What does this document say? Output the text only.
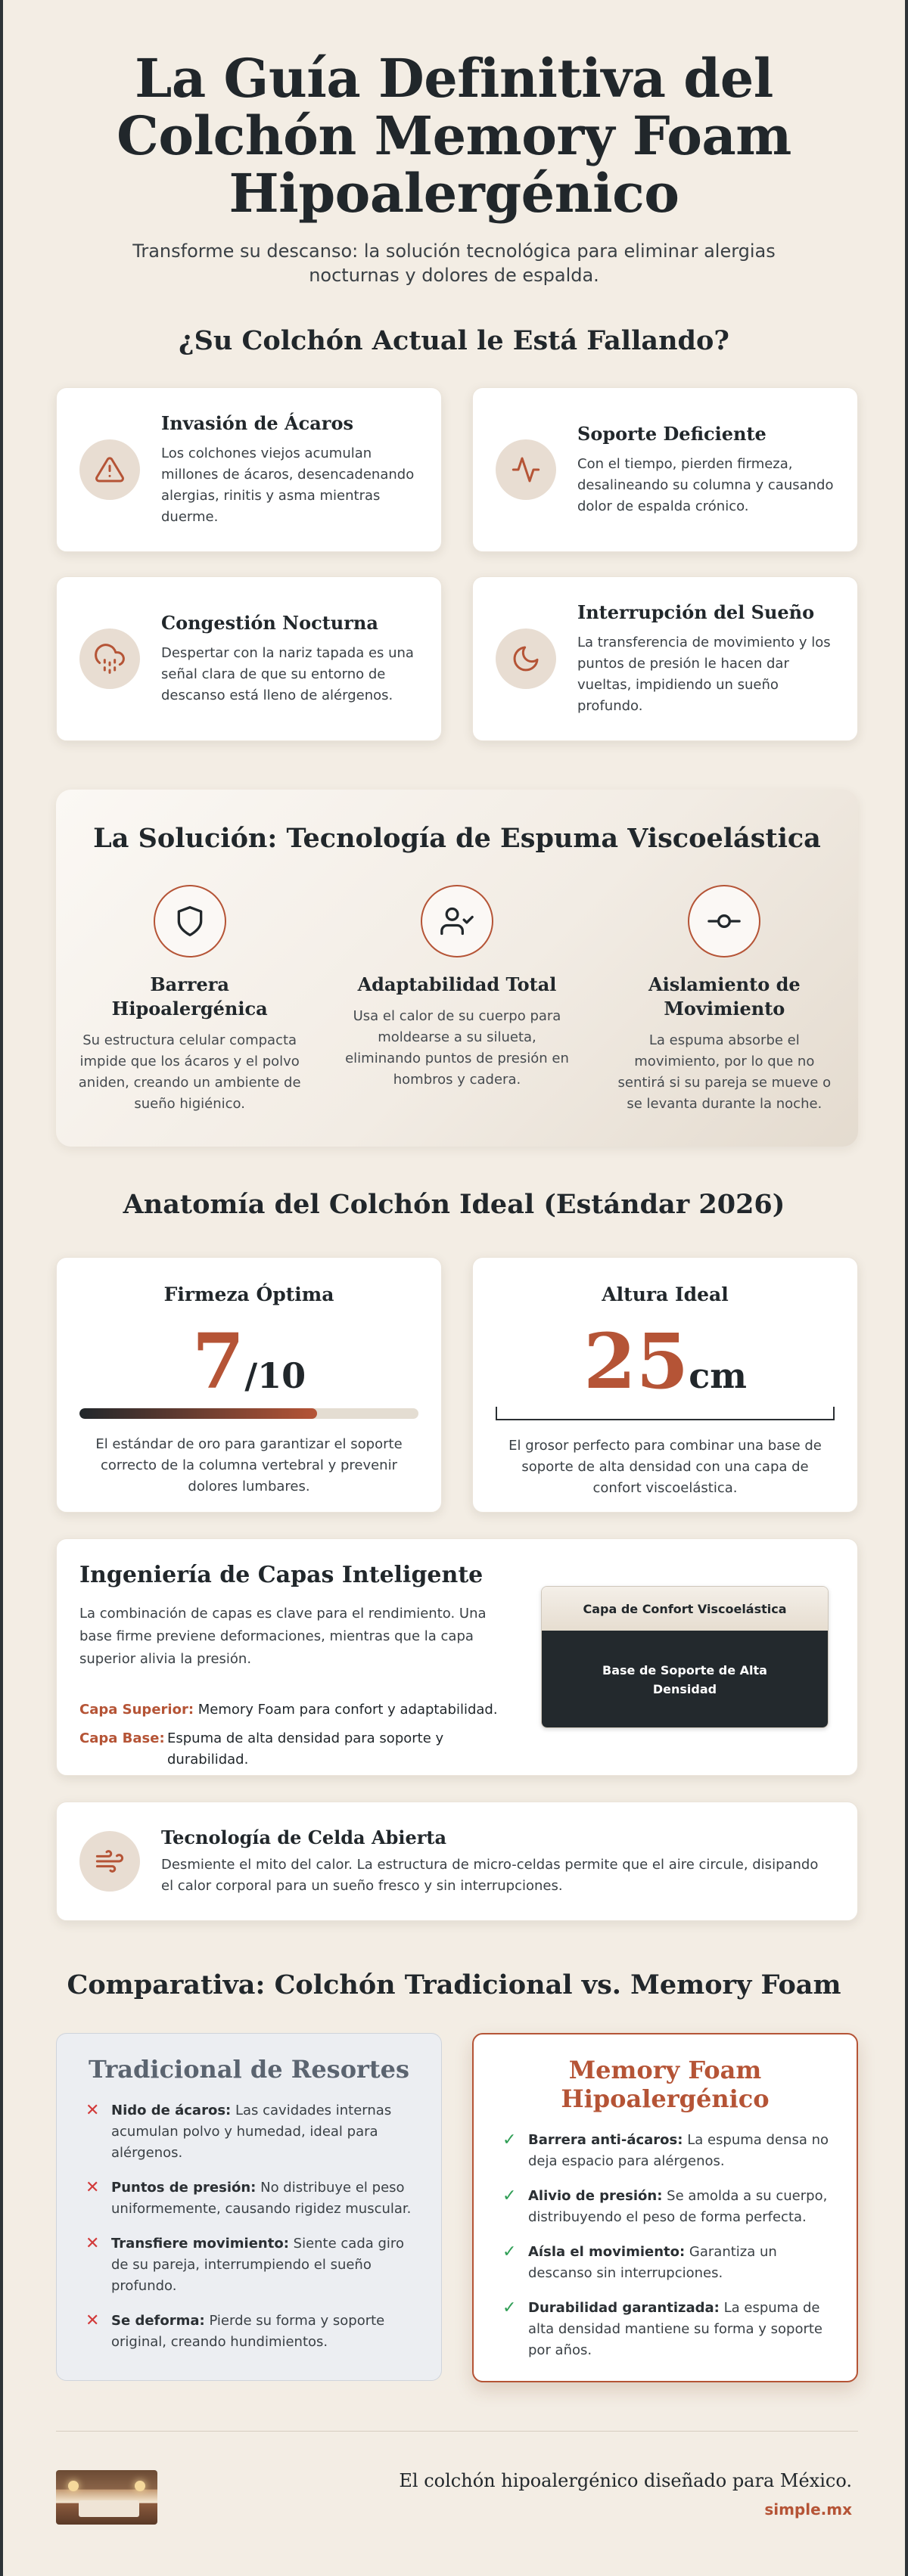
La Guía Definitiva del Colchón Memory Foam Hipoalergénico

Transforme su descanso: la solución tecnológica para eliminar alergias nocturnas y dolores de espalda.

¿Su Colchón Actual le Está Fallando?
Invasión de Ácaros

Los colchones viejos acumulan millones de ácaros, desencadenando alergias, rinitis y asma mientras duerme.

Soporte Deficiente

Con el tiempo, pierden firmeza, desalineando su columna y causando dolor de espalda crónico.

Congestión Nocturna

Despertar con la nariz tapada es una señal clara de que su entorno de descanso está lleno de alérgenos.

Interrupción del Sueño

La transferencia de movimiento y los puntos de presión le hacen dar vueltas, impidiendo un sueño profundo.

La Solución: Tecnología de Espuma Viscoelástica
Barrera Hipoalergénica

Su estructura celular compacta impide que los ácaros y el polvo aniden, creando un ambiente de sueño higiénico.

Adaptabilidad Total

Usa el calor de su cuerpo para moldearse a su silueta, eliminando puntos de presión en hombros y cadera.

Aislamiento de Movimiento

La espuma absorbe el movimiento, por lo que no sentirá si su pareja se mueve o se levanta durante la noche.

Anatomía del Colchón Ideal (Estándar 2026)
Firmeza Óptima
7/10

El estándar de oro para garantizar el soporte correcto de la columna vertebral y prevenir dolores lumbares.

Altura Ideal
25cm

El grosor perfecto para combinar una base de soporte de alta densidad con una capa de confort viscoelástica.

Ingeniería de Capas Inteligente

La combinación de capas es clave para el rendimiento. Una base firme previene deformaciones, mientras que la capa superior alivia la presión.

Capa Superior:
Memory Foam para confort y adaptabilidad.
Capa Base: Espuma de alta densidad para soporte y durabilidad.
Capa de Confort Viscoelástica
Base de Soporte de Alta Densidad
Tecnología de Celda Abierta

Desmiente el mito del calor. La estructura de micro-celdas permite que el aire circule, disipando el calor corporal para un sueño fresco y sin interrupciones.

Comparativa: Colchón Tradicional vs. Memory Foam
Tradicional de Resortes
✕ Nido de ácaros: Las cavidades internas acumulan polvo y humedad, ideal para alérgenos.
✕ Puntos de presión: No distribuye el peso uniformemente, causando rigidez muscular.
✕ Transfiere movimiento: Siente cada giro de su pareja, interrumpiendo el sueño profundo.
✕ Se deforma: Pierde su forma y soporte original, creando hundimientos.
Memory Foam Hipoalergénico
✓ Barrera anti-ácaros: La espuma densa no deja espacio para alérgenos.
✓ Alivio de presión: Se amolda a su cuerpo, distribuyendo el peso de forma perfecta.
✓ Aísla el movimiento: Garantiza un descanso sin interrupciones.
✓ Durabilidad garantizada: La espuma de alta densidad mantiene su forma y soporte por años.
El colchón hipoalergénico diseñado para México.
simple.mx
